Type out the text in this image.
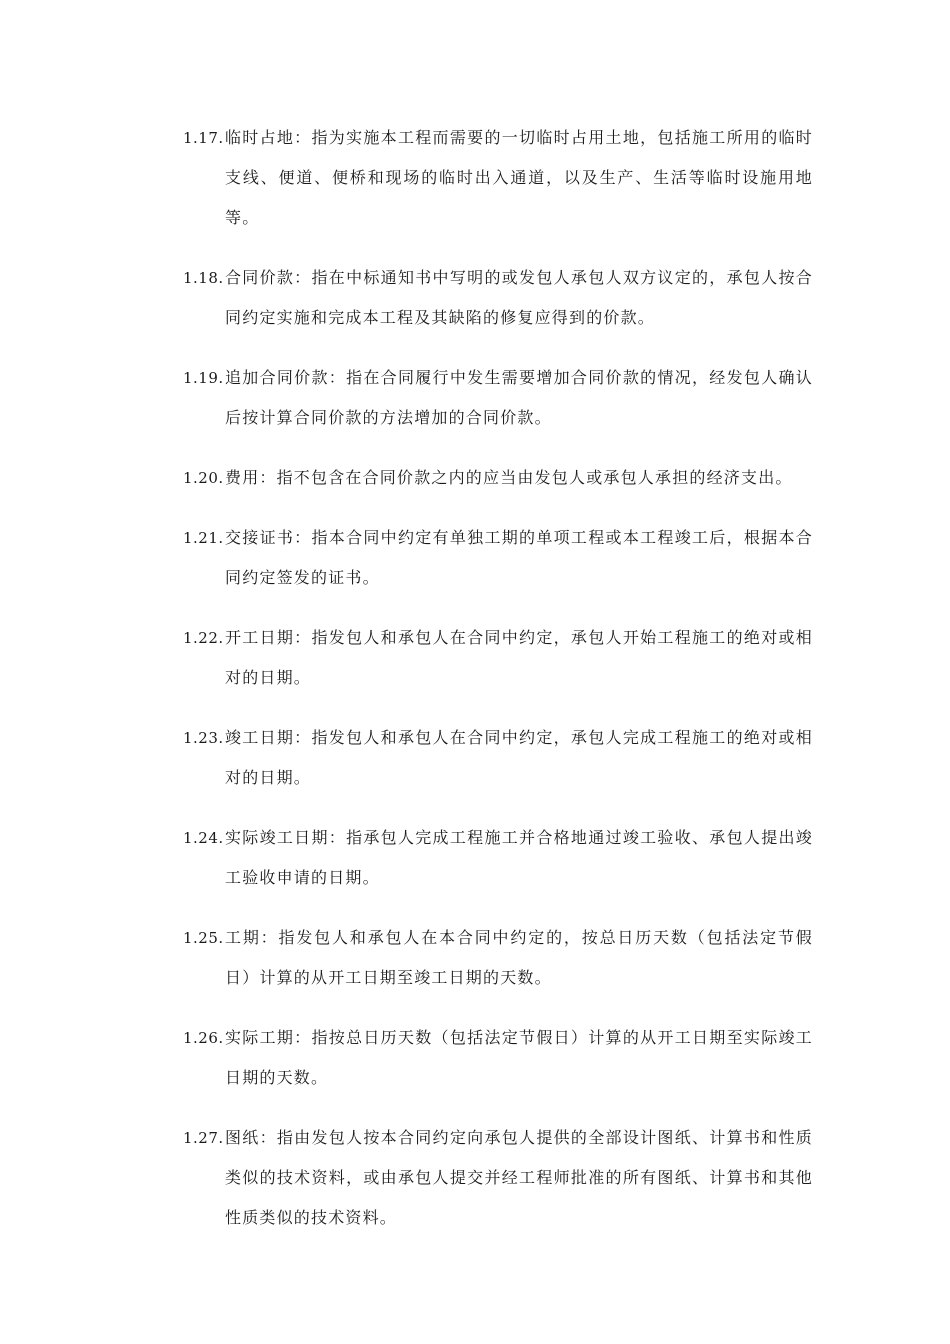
1.17. 临时占地：指为实施本工程而需要的一切临时占用土地，包括施工所用的临时支线、便道、便桥和现场的临时出入通道，以及生产、生活等临时设施用地等。
1.18. 合同价款：指在中标通知书中写明的或发包人承包人双方议定的，承包人按合同约定实施和完成本工程及其缺陷的修复应得到的价款。
1.19. 追加合同价款：指在合同履行中发生需要增加合同价款的情况，经发包人确认后按计算合同价款的方法增加的合同价款。
1.20. 费用：指不包含在合同价款之内的应当由发包人或承包人承担的经济支出。
1.21. 交接证书：指本合同中约定有单独工期的单项工程或本工程竣工后，根据本合同约定签发的证书。
1.22. 开工日期：指发包人和承包人在合同中约定，承包人开始工程施工的绝对或相对的日期。
1.23. 竣工日期：指发包人和承包人在合同中约定，承包人完成工程施工的绝对或相对的日期。
1.24. 实际竣工日期：指承包人完成工程施工并合格地通过竣工验收、承包人提出竣工验收申请的日期。
1.25. 工期：指发包人和承包人在本合同中约定的，按总日历天数（包括法定节假日）计算的从开工日期至竣工日期的天数。
1.26. 实际工期：指按总日历天数（包括法定节假日）计算的从开工日期至实际竣工日期的天数。
1.27. 图纸：指由发包人按本合同约定向承包人提供的全部设计图纸、计算书和性质类似的技术资料，或由承包人提交并经工程师批准的所有图纸、计算书和其他性质类似的技术资料。
